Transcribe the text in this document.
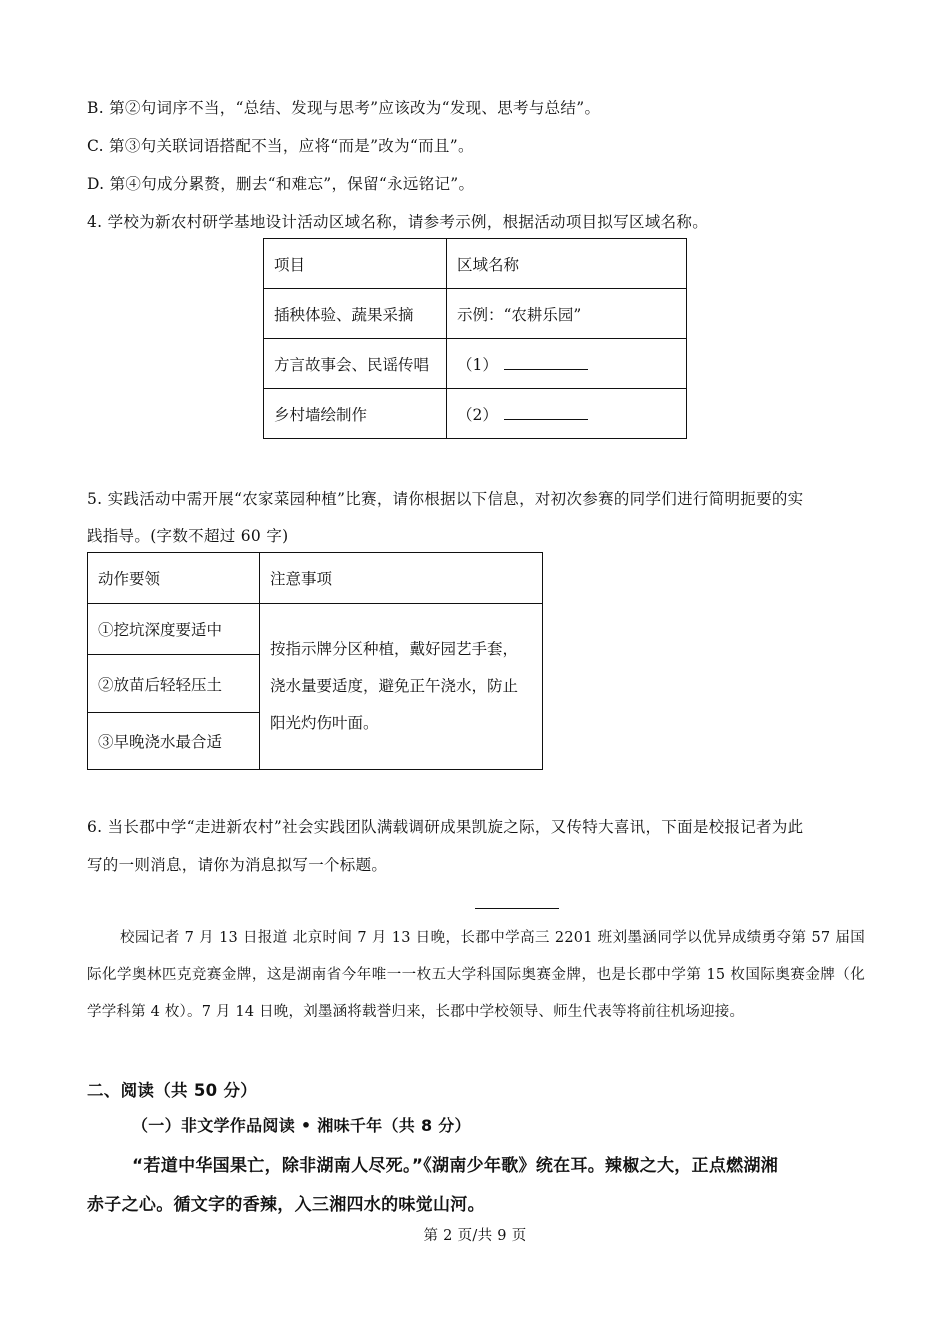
B. 第②句词序不当，“总结、发现与思考”应该改为“发现、思考与总结”。
C. 第③句关联词语搭配不当，应将“而是”改为“而且”。
D. 第④句成分累赘，删去“和难忘”，保留“永远铭记”。
4. 学校为新农村研学基地设计活动区域名称，请参考示例，根据活动项目拟写区域名称。
项目	区域名称
插秧体验、蔬果采摘	示例：“农耕乐园”
方言故事会、民谣传唱	（1）
乡村墙绘制作	（2）
5. 实践活动中需开展“农家菜园种植”比赛，请你根据以下信息，对初次参赛的同学们进行简明扼要的实
践指导。(字数不超过 60 字)
动作要领	注意事项
①挖坑深度要适中	按指示牌分区种植，戴好园艺手套，
浇水量要适度，避免正午浇水，防止
阳光灼伤叶面。

②放苗后轻轻压土	
③早晚浇水最合适	
6. 当长郡中学“走进新农村”社会实践团队满载调研成果凯旋之际，又传特大喜讯，下面是校报记者为此
写的一则消息，请你为消息拟写一个标题。
校园记者 7 月 13 日报道 北京时间 7 月 13 日晚，长郡中学高三 2201 班刘墨涵同学以优异成绩勇夺第 57 届国际化学奥林匹克竞赛金牌，这是湖南省今年唯一一枚五大学科国际奥赛金牌，也是长郡中学第 15 枚国际奥赛金牌（化学学科第 4 枚）。7 月 14 日晚，刘墨涵将载誉归来，长郡中学校领导、师生代表等将前往机场迎接。
二、阅读（共 50 分）
（一）非文学作品阅读 • 湘味千年（共 8 分）
“若道中华国果亡，除非湖南人尽死。”《湖南少年歌》统在耳。辣椒之大，正点燃湖湘
赤子之心。循文字的香辣，入三湘四水的味觉山河。
第 2 页/共 9 页
